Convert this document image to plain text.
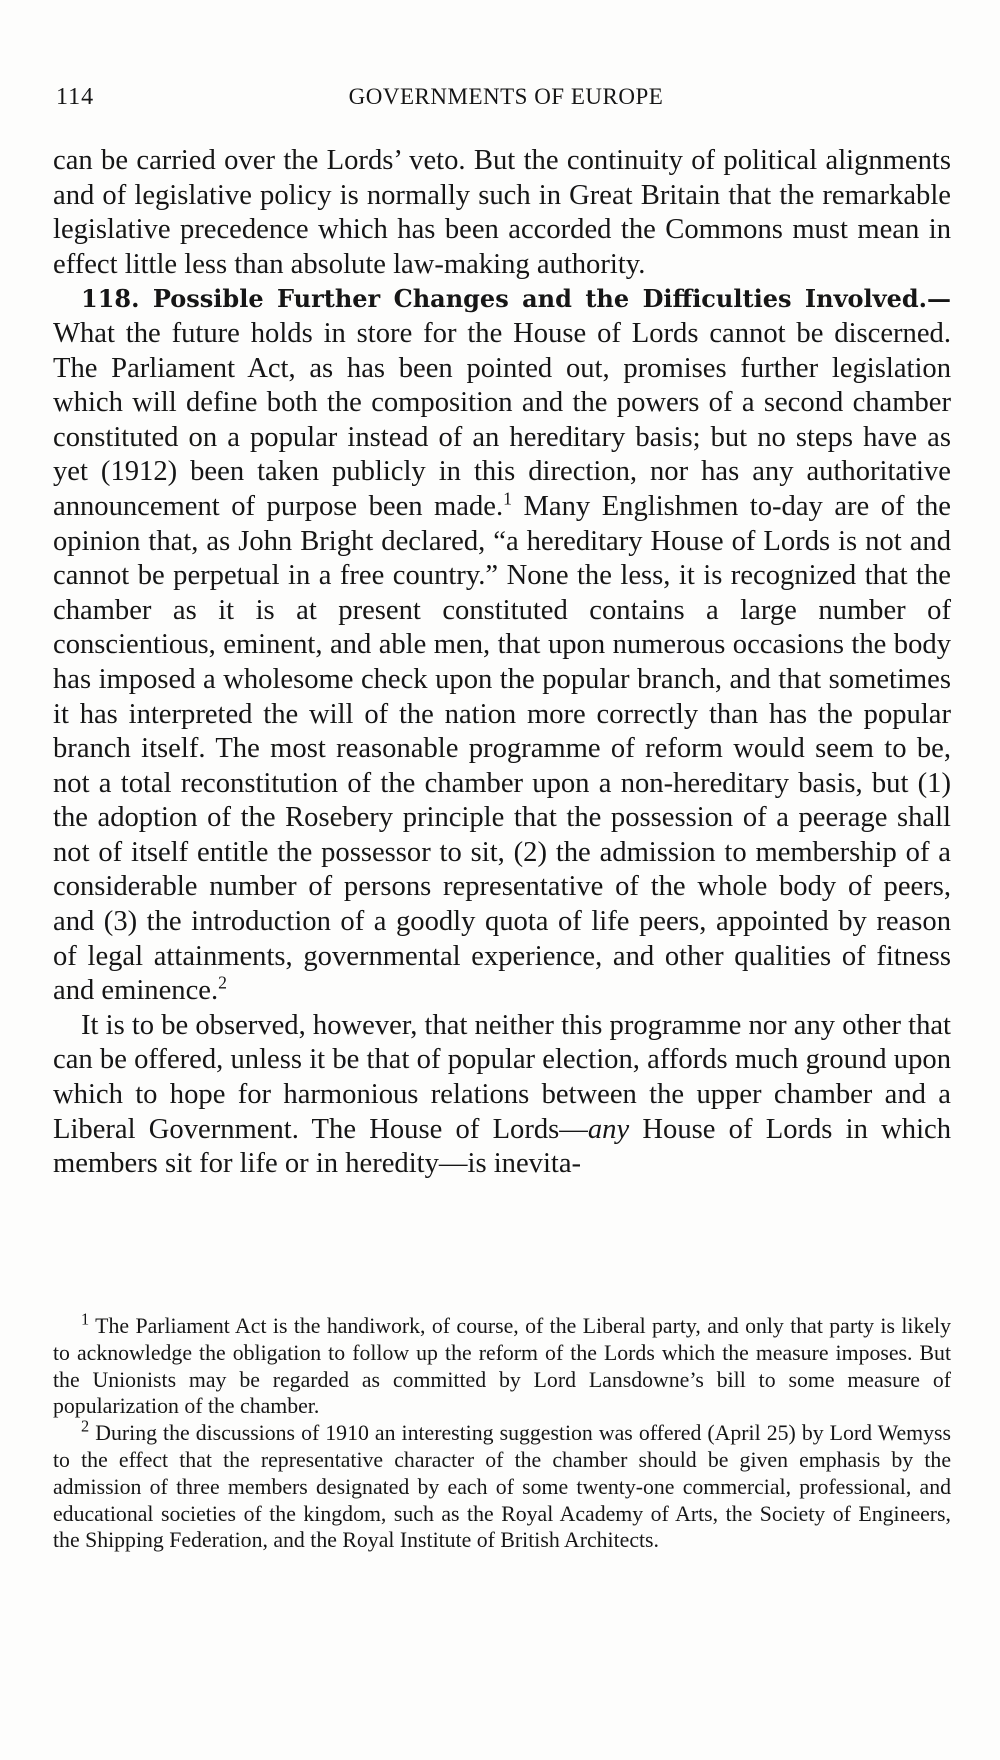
114	GOVERNMENTS OF EUROPE

can be carried over the Lords’ veto. But the continuity of political alignments and of legislative policy is normally such in Great Britain that the remarkable legislative precedence which has been accorded the Commons must mean in effect little less than absolute law-making authority.

118. Possible Further Changes and the Difficulties Involved.— What the future holds in store for the House of Lords cannot be discerned. The Parliament Act, as has been pointed out, promises further legislation which will define both the composition and the powers of a second chamber constituted on a popular instead of an hereditary basis; but no steps have as yet (1912) been taken publicly in this direction, nor has any authoritative announcement of purpose been made.$^1$ Many Englishmen to-day are of the opinion that, as John Bright declared, “a hereditary House of Lords is not and cannot be perpetual in a free country.” None the less, it is recognized that the chamber as it is at present constituted contains a large number of conscientious, eminent, and able men, that upon numerous occasions the body has imposed a wholesome check upon the popular branch, and that sometimes it has interpreted the will of the nation more correctly than has the popular branch itself. The most reasonable programme of reform would seem to be, not a total reconstitution of the chamber upon a non-hereditary basis, but (1) the adoption of the Rosebery principle that the possession of a peerage shall not of itself entitle the possessor to sit, (2) the admission to membership of a considerable number of persons representative of the whole body of peers, and (3) the introduction of a goodly quota of life peers, appointed by reason of legal attainments, governmental experience, and other qualities of fitness and eminence.$^2$

It is to be observed, however, that neither this programme nor any other that can be offered, unless it be that of popular election, affords much ground upon which to hope for harmonious relations between the upper chamber and a Liberal Government. The House of Lords—any House of Lords in which members sit for life or in heredity—is inevita-

$^1$ The Parliament Act is the handiwork, of course, of the Liberal party, and only that party is likely to acknowledge the obligation to follow up the reform of the Lords which the measure imposes. But the Unionists may be regarded as committed by Lord Lansdowne’s bill to some measure of popularization of the chamber.

$^2$ During the discussions of 1910 an interesting suggestion was offered (April 25) by Lord Wemyss to the effect that the representative character of the chamber should be given emphasis by the admission of three members designated by each of some twenty-one commercial, professional, and educational societies of the kingdom, such as the Royal Academy of Arts, the Society of Engineers, the Shipping Federation, and the Royal Institute of British Architects.
